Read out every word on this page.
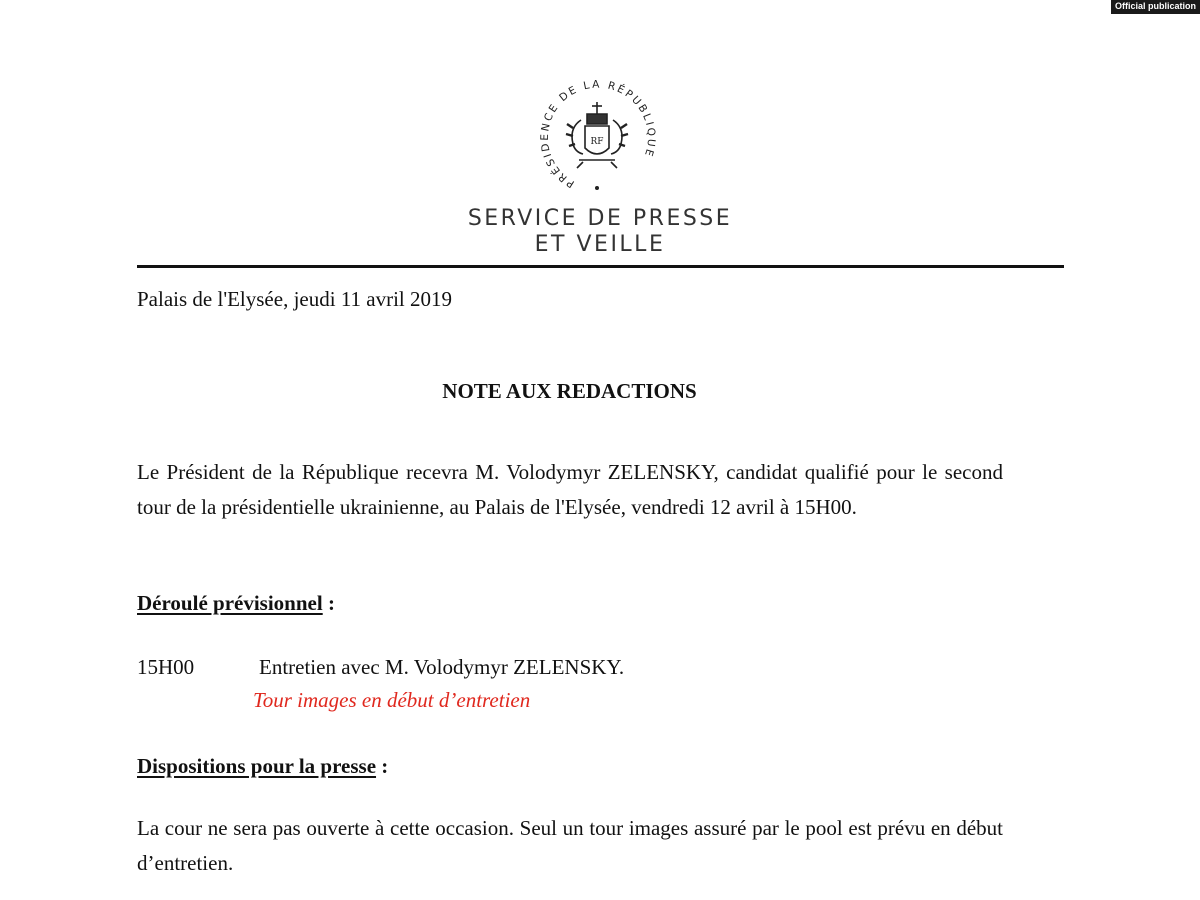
Official publication
PRÉSIDENCE DE LA RÉPUBLIQUE
RF
SERVICE DE PRESSE
ET VEILLE
Palais de l'Elysée, jeudi 11 avril 2019
NOTE AUX REDACTIONS
Le Président de la République recevra M. Volodymyr ZELENSKY, candidat qualifié pour le second tour de la présidentielle ukrainienne, au Palais de l'Elysée, vendredi 12 avril à 15H00.
Déroulé prévisionnel :
15H00	Entretien avec M. Volodymyr ZELENSKY.
Tour images en début d’entretien
Dispositions pour la presse :
La cour ne sera pas ouverte à cette occasion. Seul un tour images assuré par le pool est prévu en début d’entretien.
